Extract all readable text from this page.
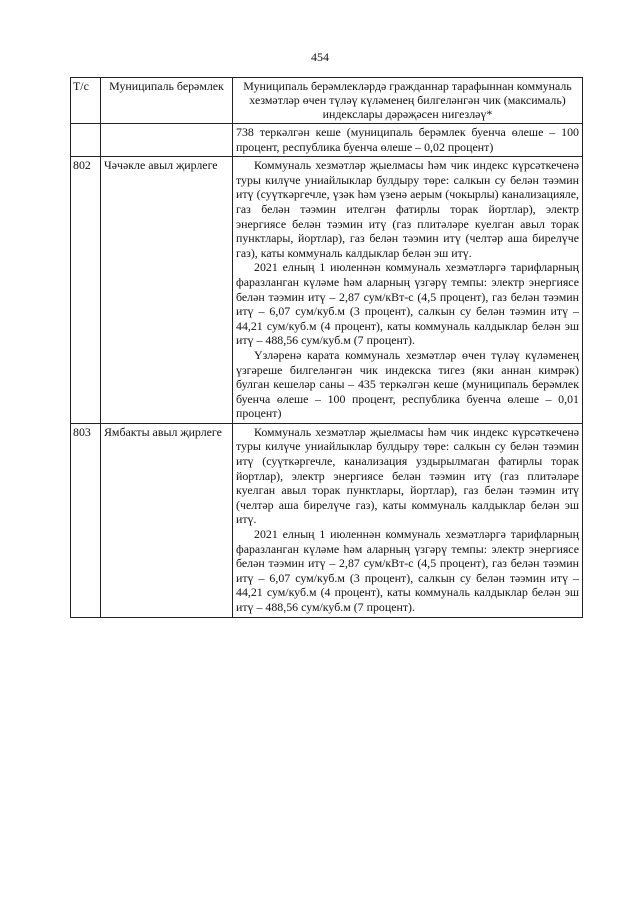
454
Т/с	Муниципаль берәмлек	Муниципаль берәмлекләрдә гражданнар тарафыннан коммуналь хезмәтләр өчен түләү күләменең билгеләнгән чик (максималь) индекслары дәрәҗәсен нигезләү*

		738 теркәлгән кеше (муниципаль берәмлек буенча өлеше – 100 процент, республика буенча өлеше – 0,02 процент)

802	Чәчәкле авыл җирлеге	Коммуналь хезмәтләр җыелмасы һәм чик индекс күрсәткеченә туры килүче униайлыклар булдыру төре: салкын су белән тәэмин итү (суүткәргечле, үзәк һәм үзенә аерым (чокырлы) канализацияле, газ белән тәэмин ителгән фатирлы торак йортлар), электр энергиясе белән тәэмин итү (газ плитәләре куелган авыл торак пунктлары, йортлар), газ белән тәэмин итү (челтәр аша бирелүче газ), каты коммуналь калдыклар белән эш итү.

2021 елның 1 июленнән коммуналь хезмәтләргә тарифларның фаразланган күләме һәм аларның үзгәрү темпы: электр энергиясе белән тәэмин итү – 2,87 сум/кВт-с (4,5 процент), газ белән тәэмин итү – 6,07 сум/куб.м (3 процент), салкын су белән тәэмин итү – 44,21 сум/куб.м (4 процент), каты коммуналь калдыклар белән эш итү – 488,56 сум/куб.м (7 процент).

Үзләренә карата коммуналь хезмәтләр өчен түләү күләменең үзгәреше билгеләнгән чик индекска тигез (яки аннан кимрәк) булган кешеләр саны – 435 теркәлгән кеше (муниципаль берәмлек буенча өлеше – 100 процент, республика буенча өлеше – 0,01 процент)

803	Ямбакты авыл җирлеге	Коммуналь хезмәтләр җыелмасы һәм чик индекс күрсәткеченә туры килүче униайлыклар булдыру төре: салкын су белән тәэмин итү (суүткәргечле, канализация уздырылмаган фатирлы торак йортлар), электр энергиясе белән тәэмин итү (газ плитәләре куелган авыл торак пунктлары, йортлар), газ белән тәэмин итү (челтәр аша бирелүче газ), каты коммуналь калдыклар белән эш итү.

2021 елның 1 июленнән коммуналь хезмәтләргә тарифларның фаразланган күләме һәм аларның үзгәрү темпы: электр энергиясе белән тәэмин итү – 2,87 сум/кВт-с (4,5 процент), газ белән тәэмин итү – 6,07 сум/куб.м (3 процент), салкын су белән тәэмин итү – 44,21 сум/куб.м (4 процент), каты коммуналь калдыклар белән эш итү – 488,56 сум/куб.м (7 процент).
